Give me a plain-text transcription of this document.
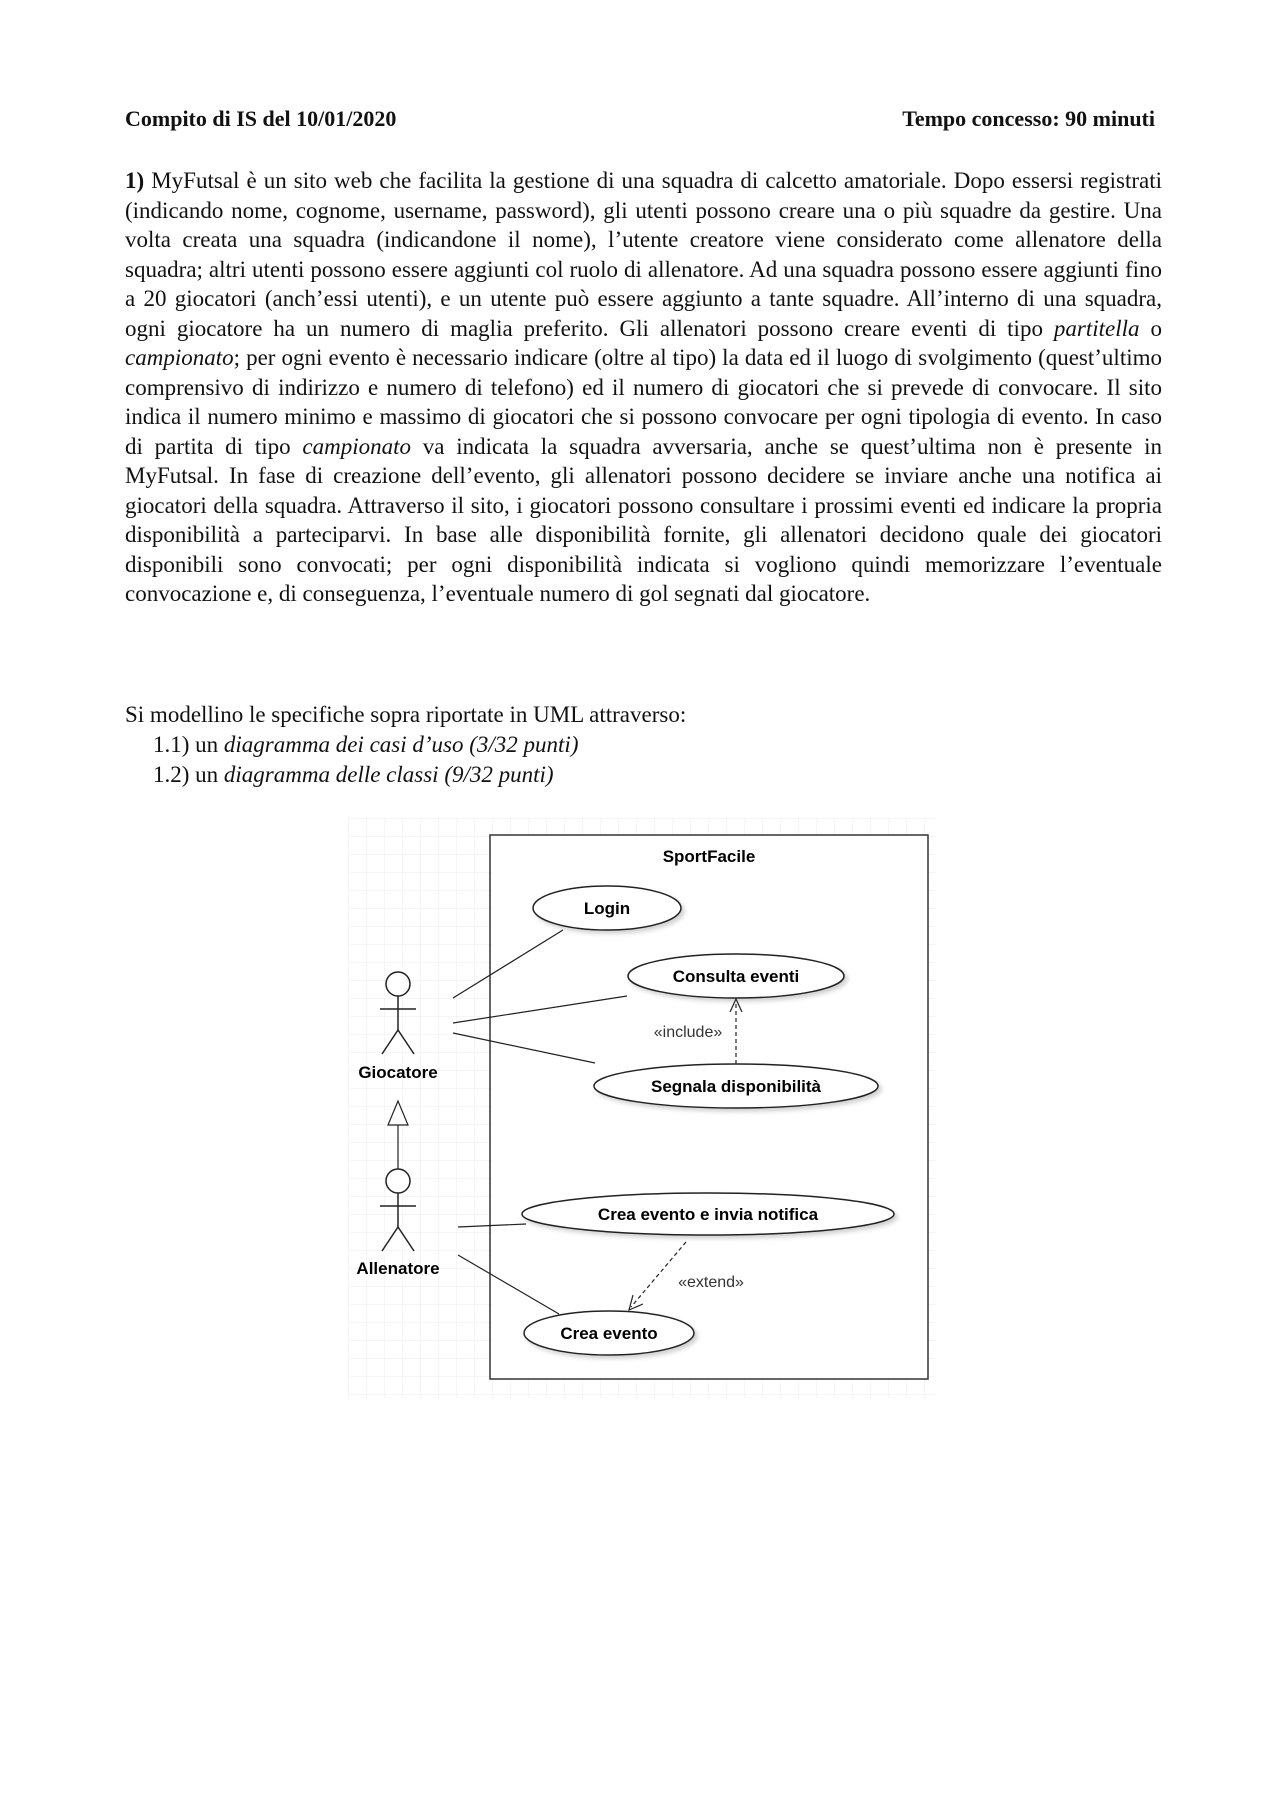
Compito di IS del 10/01/2020	Tempo concesso: 90 minuti
1) MyFutsal è un sito web che facilita la gestione di una squadra di calcetto amatoriale. Dopo essersi registrati (indicando nome, cognome, username, password), gli utenti possono creare una o più squadre da gestire. Una volta creata una squadra (indicandone il nome), l’utente creatore viene considerato come allenatore della squadra; altri utenti possono essere aggiunti col ruolo di allenatore. Ad una squadra possono essere aggiunti fino a 20 giocatori (anch’essi utenti), e un utente può essere aggiunto a tante squadre. All’interno di una squadra, ogni giocatore ha un numero di maglia preferito. Gli allenatori possono creare eventi di tipo partitella o campionato; per ogni evento è necessario indicare (oltre al tipo) la data ed il luogo di svolgimento (quest’ultimo comprensivo di indirizzo e numero di telefono) ed il numero di giocatori che si prevede di convocare. Il sito indica il numero minimo e massimo di giocatori che si possono convocare per ogni tipologia di evento. In caso di partita di tipo campionato va indicata la squadra avversaria, anche se quest’ultima non è presente in MyFutsal. In fase di creazione dell’evento, gli allenatori possono decidere se inviare anche una notifica ai giocatori della squadra. Attraverso il sito, i giocatori possono consultare i prossimi eventi ed indicare la propria disponibilità a parteciparvi. In base alle disponibilità fornite, gli allenatori decidono quale dei giocatori disponibili sono convocati; per ogni disponibilità indicata si vogliono quindi memorizzare l’eventuale convocazione e, di conseguenza, l’eventuale numero di gol segnati dal giocatore.
Si modellino le specifiche sopra riportate in UML attraverso:
1.1) un diagramma dei casi d’uso (3/32 punti)
1.2) un diagramma delle classi (9/32 punti)
SportFacile
Login
Consulta eventi
Segnala disponibilità
Crea evento e invia notifica
Crea evento
«include»
«extend»
Giocatore
Allenatore
